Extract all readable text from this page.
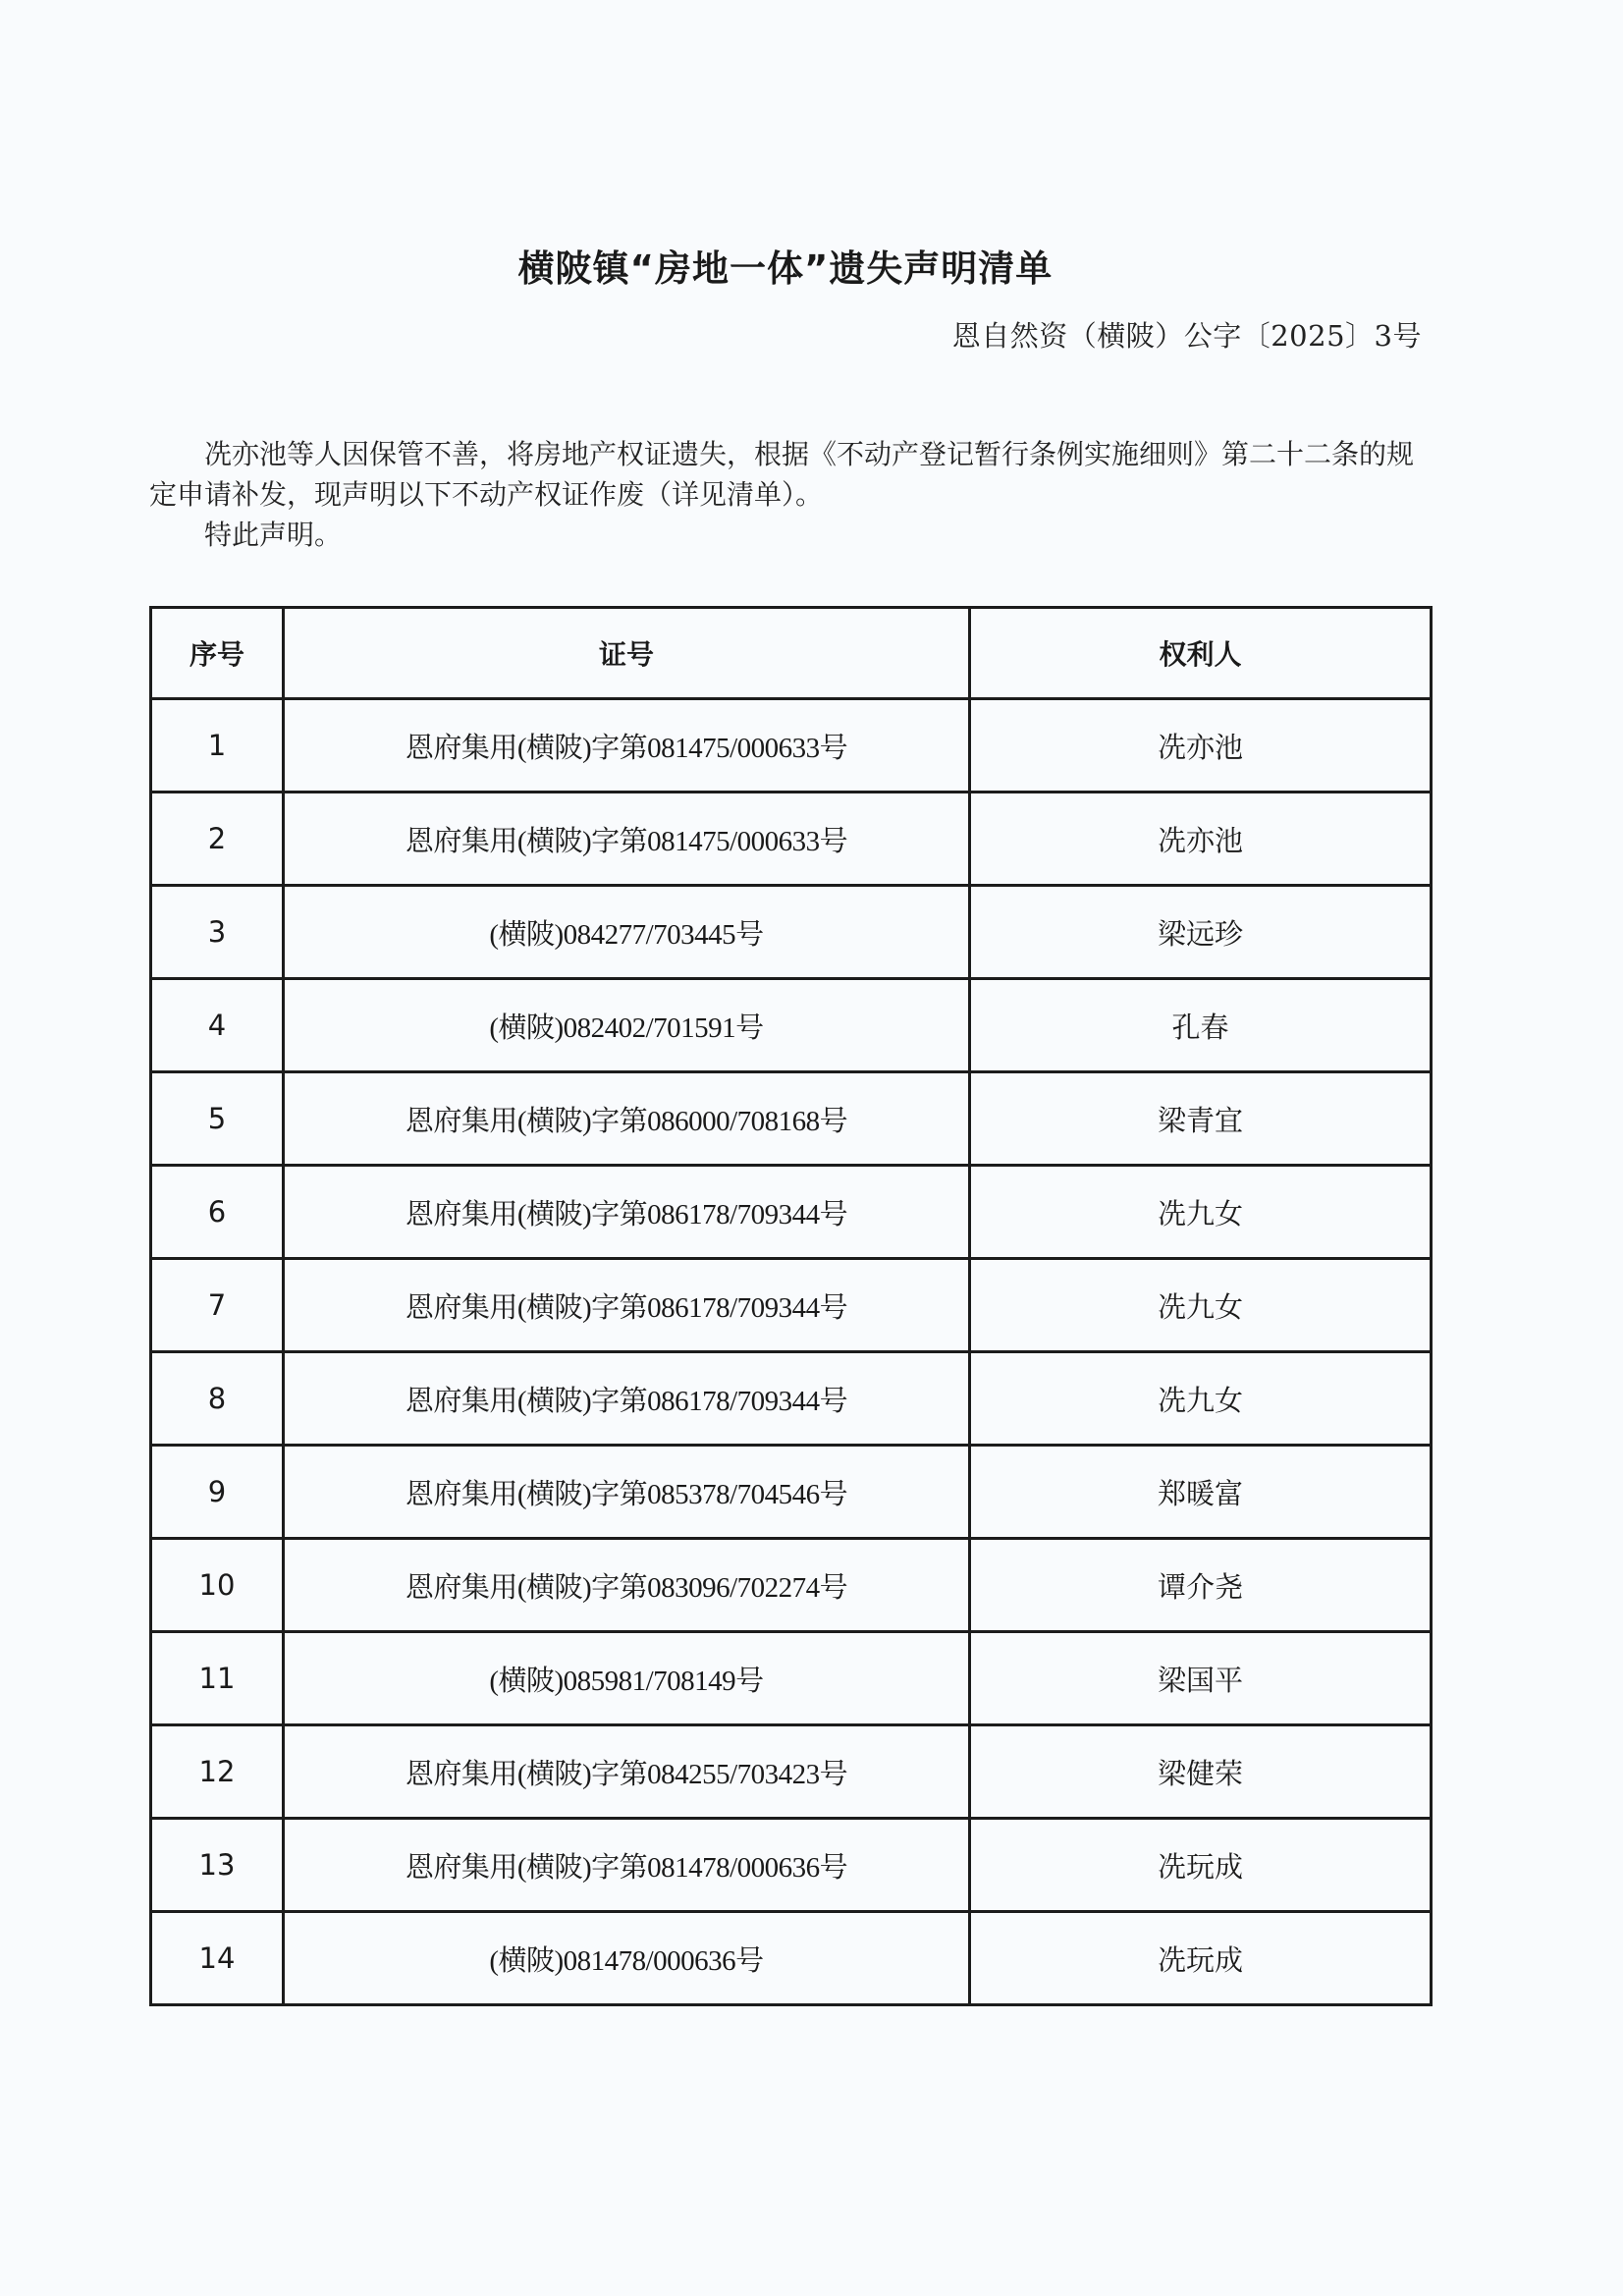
横陂镇“房地一体”遗失声明清单
恩自然资（横陂）公字〔2025〕3号

冼亦池等人因保管不善，将房地产权证遗失，根据《不动产登记暂行条例实施细则》第二十二条的规定申请补发，现声明以下不动产权证作废（详见清单）。

特此声明。

序号	证号	权利人
1	恩府集用(横陂)字第081475/000633号	冼亦池
2	恩府集用(横陂)字第081475/000633号	冼亦池
3	(横陂)084277/703445号	梁远珍
4	(横陂)082402/701591号	孔春
5	恩府集用(横陂)字第086000/708168号	梁青宜
6	恩府集用(横陂)字第086178/709344号	冼九女
7	恩府集用(横陂)字第086178/709344号	冼九女
8	恩府集用(横陂)字第086178/709344号	冼九女
9	恩府集用(横陂)字第085378/704546号	郑暖富
10	恩府集用(横陂)字第083096/702274号	谭介尧
11	(横陂)085981/708149号	梁国平
12	恩府集用(横陂)字第084255/703423号	梁健荣
13	恩府集用(横陂)字第081478/000636号	冼玩成
14	(横陂)081478/000636号	冼玩成
